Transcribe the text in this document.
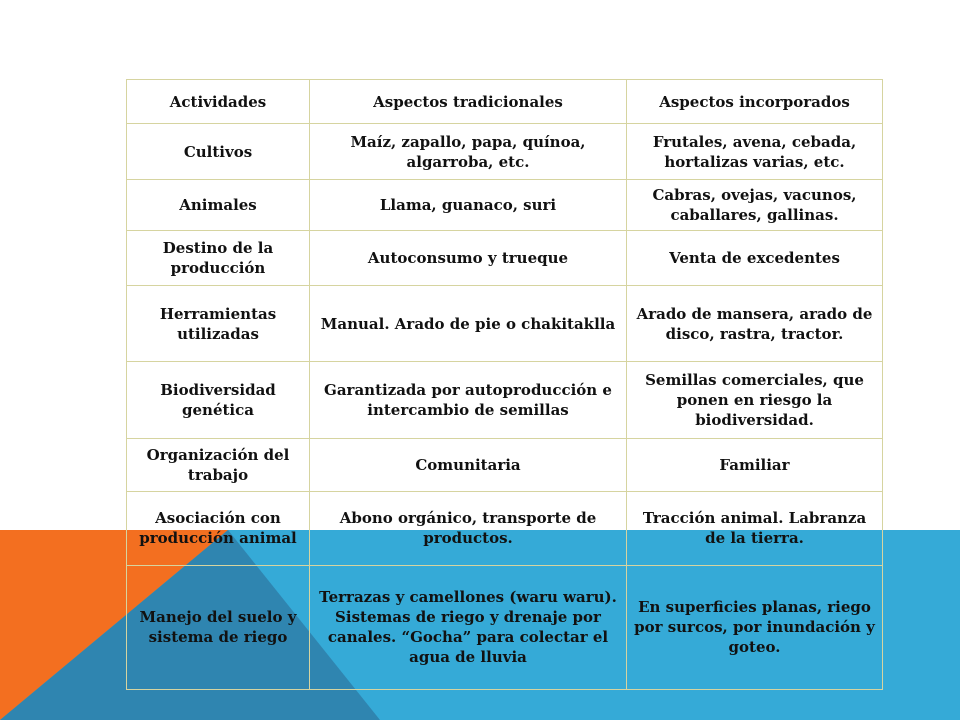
Actividades	Aspectos tradicionales	Aspectos incorporados
Cultivos	Maíz, zapallo, papa, quínoa, algarroba, etc.	Frutales, avena, cebada, hortalizas varias, etc.
Animales	Llama, guanaco, suri	Cabras, ovejas, vacunos, caballares, gallinas.
Destino de la producción	Autoconsumo y trueque	Venta de excedentes
Herramientas utilizadas	Manual. Arado de pie o chakitaklla	Arado de mansera, arado de disco, rastra, tractor.
Biodiversidad genética	Garantizada por autoproducción e intercambio de semillas	Semillas comerciales, que ponen en riesgo la biodiversidad.
Organización del trabajo	Comunitaria	Familiar
Asociación con producción animal	Abono orgánico, transporte de productos.	Tracción animal. Labranza de la tierra.
Manejo del suelo y sistema de riego	Terrazas y camellones (waru waru). Sistemas de riego y drenaje por canales. “Gocha” para colectar el agua de lluvia	En superficies planas, riego por surcos, por inundación y goteo.
